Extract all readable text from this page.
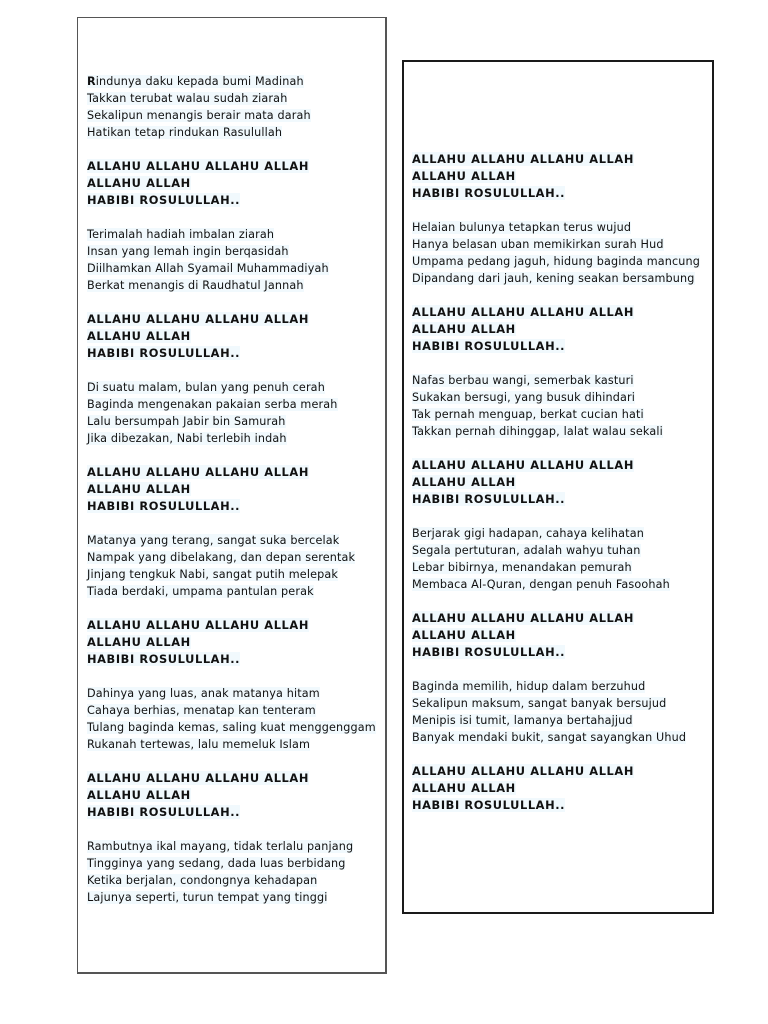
Rindunya daku kepada bumi Madinah
Takkan terubat walau sudah ziarah
Sekalipun menangis berair mata darah
Hatikan tetap rindukan Rasulullah
ALLAHU ALLAHU ALLAHU ALLAH
ALLAHU ALLAH
HABIBI ROSULULLAH..
Terimalah hadiah imbalan ziarah
Insan yang lemah ingin berqasidah
Diilhamkan Allah Syamail Muhammadiyah
Berkat menangis di Raudhatul Jannah
ALLAHU ALLAHU ALLAHU ALLAH
ALLAHU ALLAH
HABIBI ROSULULLAH..
Di suatu malam, bulan yang penuh cerah
Baginda mengenakan pakaian serba merah
Lalu bersumpah Jabir bin Samurah
Jika dibezakan, Nabi terlebih indah
ALLAHU ALLAHU ALLAHU ALLAH
ALLAHU ALLAH
HABIBI ROSULULLAH..
Matanya yang terang, sangat suka bercelak
Nampak yang dibelakang, dan depan serentak
Jinjang tengkuk Nabi, sangat putih melepak
Tiada berdaki, umpama pantulan perak
ALLAHU ALLAHU ALLAHU ALLAH
ALLAHU ALLAH
HABIBI ROSULULLAH..
Dahinya yang luas, anak matanya hitam
Cahaya berhias, menatap kan tenteram
Tulang baginda kemas, saling kuat menggenggam
Rukanah tertewas, lalu memeluk Islam
ALLAHU ALLAHU ALLAHU ALLAH
ALLAHU ALLAH
HABIBI ROSULULLAH..
Rambutnya ikal mayang, tidak terlalu panjang
Tingginya yang sedang, dada luas berbidang
Ketika berjalan, condongnya kehadapan
Lajunya seperti, turun tempat yang tinggi
ALLAHU ALLAHU ALLAHU ALLAH
ALLAHU ALLAH
HABIBI ROSULULLAH..
Helaian bulunya tetapkan terus wujud
Hanya belasan uban memikirkan surah Hud
Umpama pedang jaguh, hidung baginda mancung
Dipandang dari jauh, kening seakan bersambung
ALLAHU ALLAHU ALLAHU ALLAH
ALLAHU ALLAH
HABIBI ROSULULLAH..
Nafas berbau wangi, semerbak kasturi
Sukakan bersugi, yang busuk dihindari
Tak pernah menguap, berkat cucian hati
Takkan pernah dihinggap, lalat walau sekali
ALLAHU ALLAHU ALLAHU ALLAH
ALLAHU ALLAH
HABIBI ROSULULLAH..
Berjarak gigi hadapan, cahaya kelihatan
Segala pertuturan, adalah wahyu tuhan
Lebar bibirnya, menandakan pemurah
Membaca Al-Quran, dengan penuh Fasoohah
ALLAHU ALLAHU ALLAHU ALLAH
ALLAHU ALLAH
HABIBI ROSULULLAH..
Baginda memilih, hidup dalam berzuhud
Sekalipun maksum, sangat banyak bersujud
Menipis isi tumit, lamanya bertahajjud
Banyak mendaki bukit, sangat sayangkan Uhud
ALLAHU ALLAHU ALLAHU ALLAH
ALLAHU ALLAH
HABIBI ROSULULLAH..
